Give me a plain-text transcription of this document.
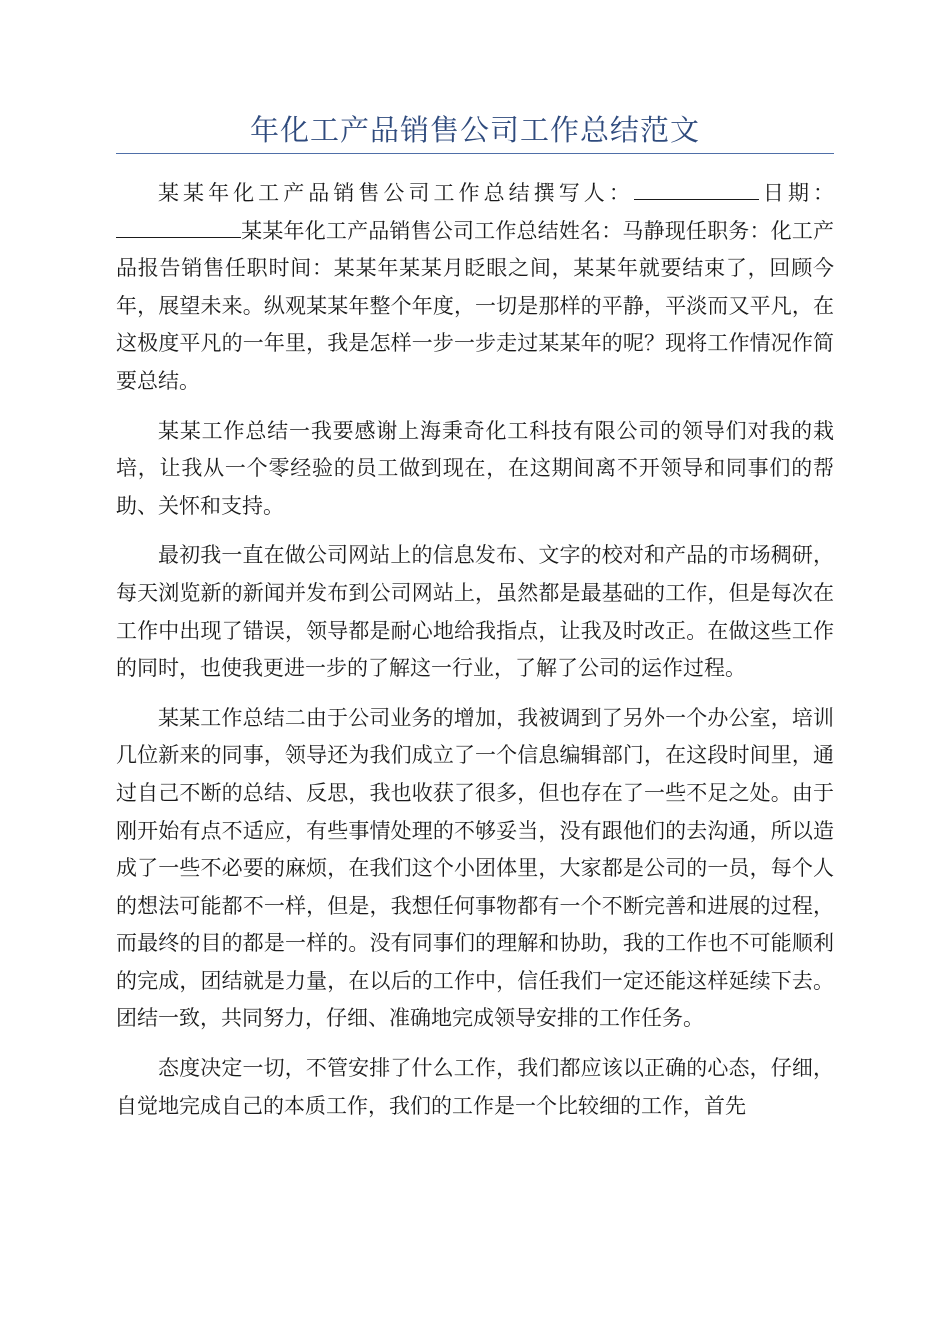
年化工产品销售公司工作总结范文

某某年化工产品销售公司工作总结撰写人：	日期：某某年化工产品销售公司工作总结姓名：马静现任职务：化工产品报告销售任职时间：某某年某某月眨眼之间，某某年就要结束了，回顾今年，展望未来。纵观某某年整个年度，一切是那样的平静，平淡而又平凡，在这极度平凡的一年里，我是怎样一步一步走过某某年的呢？现将工作情况作简要总结。

某某工作总结一我要感谢上海秉奇化工科技有限公司的领导们对我的栽培，让我从一个零经验的员工做到现在，在这期间离不开领导和同事们的帮助、关怀和支持。

最初我一直在做公司网站上的信息发布、文字的校对和产品的市场稠研，每天浏览新的新闻并发布到公司网站上，虽然都是最基础的工作，但是每次在工作中出现了错误，领导都是耐心地给我指点，让我及时改正。在做这些工作的同时，也使我更进一步的了解这一行业，了解了公司的运作过程。

某某工作总结二由于公司业务的增加，我被调到了另外一个办公室，培训几位新来的同事，领导还为我们成立了一个信息编辑部门，在这段时间里，通过自己不断的总结、反思，我也收获了很多，但也存在了一些不足之处。由于刚开始有点不适应，有些事情处理的不够妥当，没有跟他们的去沟通，所以造成了一些不必要的麻烦，在我们这个小团体里，大家都是公司的一员，每个人的想法可能都不一样，但是，我想任何事物都有一个不断完善和进展的过程，而最终的目的都是一样的。没有同事们的理解和协助，我的工作也不可能顺利的完成，团结就是力量，在以后的工作中，信任我们一定还能这样延续下去。团结一致，共同努力，仔细、准确地完成领导安排的工作任务。

态度决定一切，不管安排了什么工作，我们都应该以正确的心态，仔细，自觉地完成自己的本质工作，我们的工作是一个比较细的工作，首先
